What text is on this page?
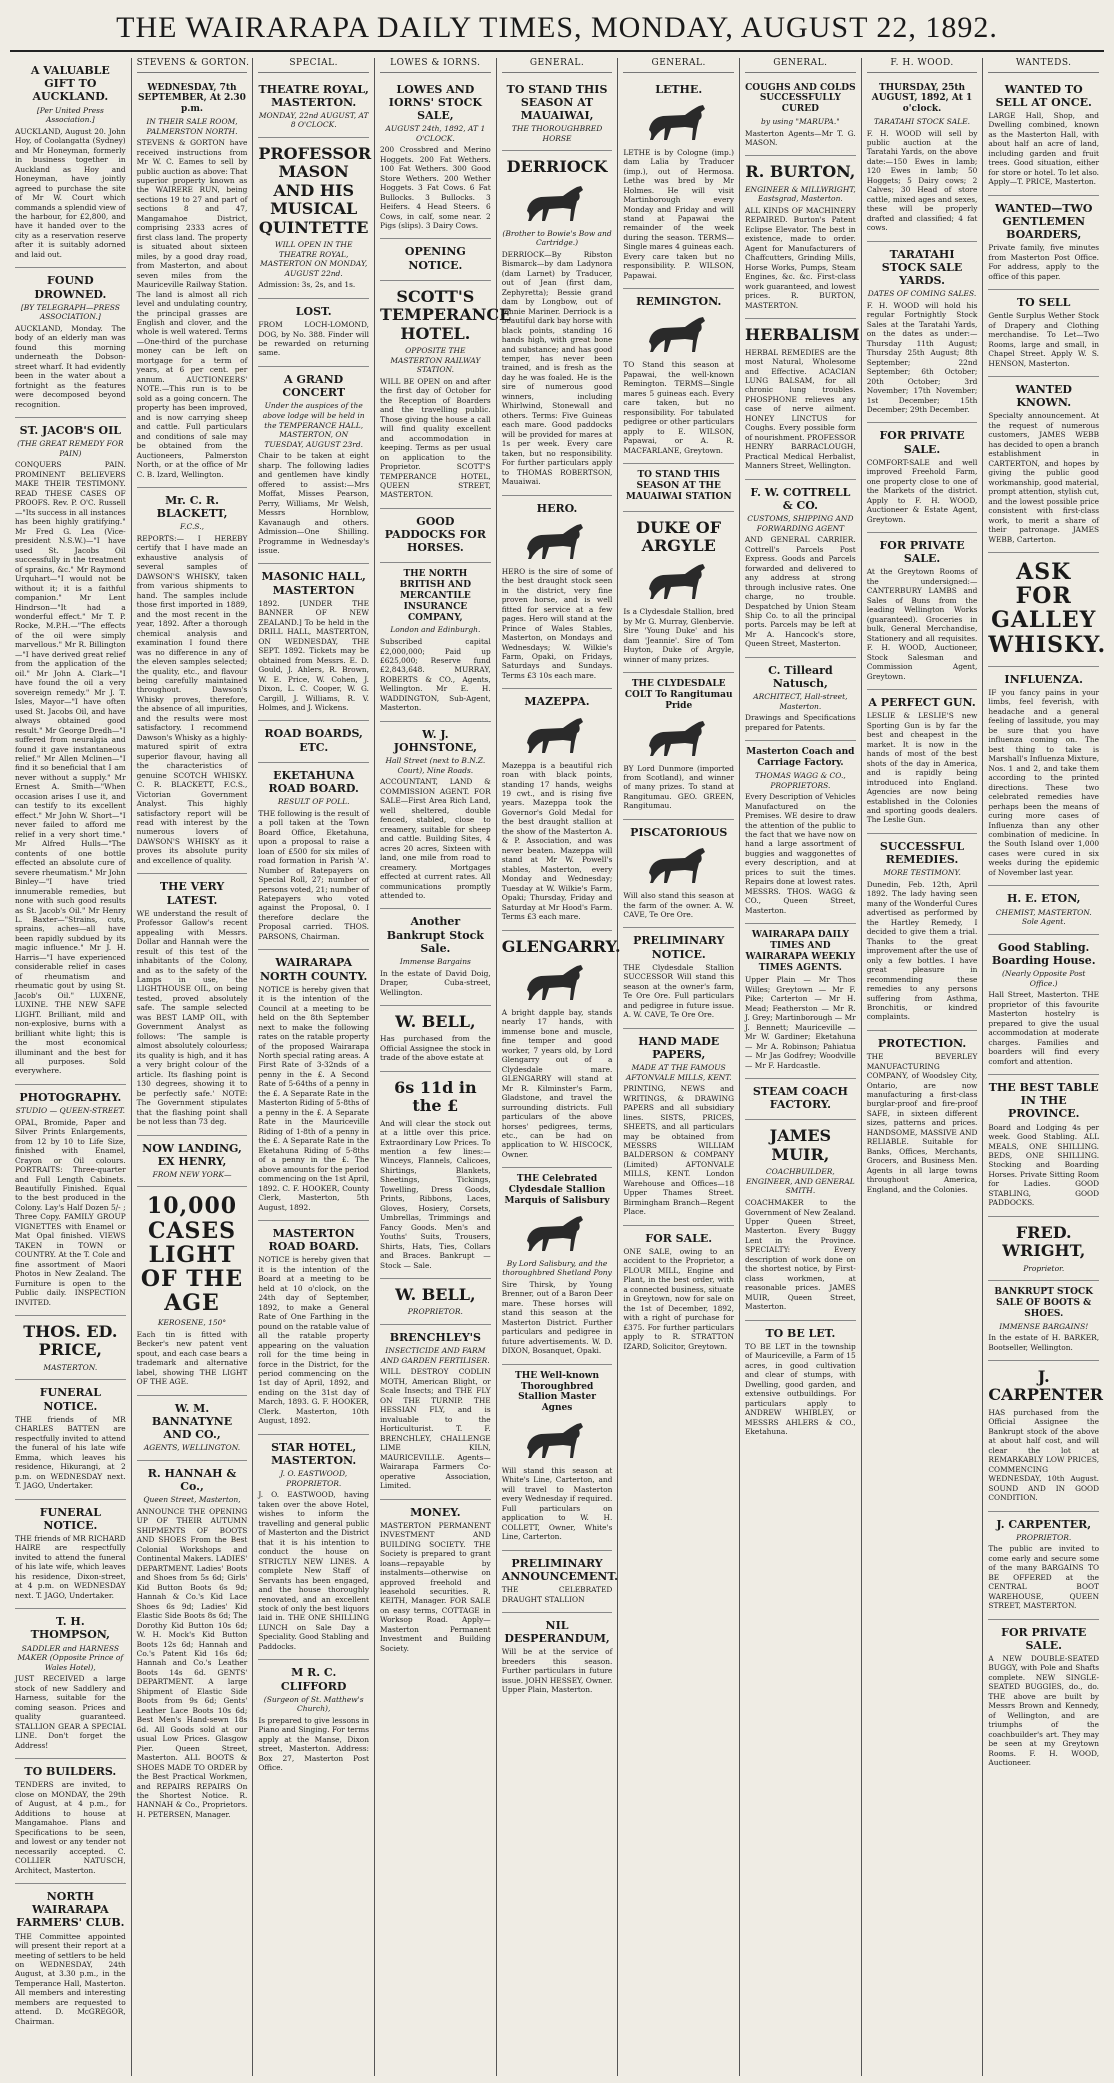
THE WAIRARAPA DAILY TIMES, MONDAY, AUGUST 22, 1892.
A VALUABLE GIFT TO AUCKLAND.
[Per United Press Association.]
AUCKLAND, August 20. John Hoy, of Coolangatta (Sydney) and Mr Honeyman, formerly in business together in Auckland as Hoy and Honeyman, have jointly agreed to purchase the site of Mr W. Court which commands a splendid view of the harbour, for £2,800, and have it handed over to the city as a reservation reserve after it is suitably adorned and laid out.
FOUND DROWNED.
[BY TELEGRAPH—PRESS ASSOCIATION.]
AUCKLAND, Monday. The body of an elderly man was found this morning underneath the Dobson-street wharf. It had evidently been in the water about a fortnight as the features were decomposed beyond recognition.
ST. JACOB'S OIL
(THE GREAT REMEDY FOR PAIN)
CONQUERS PAIN. PROMINENT BELIEVERS MAKE THEIR TESTIMONY. READ THESE CASES OF PROOFS. Rev. P. O'C. Russell—"Its success in all instances has been highly gratifying." Mr Fred G. Lea (Vice-president N.S.W.)—"I have used St. Jacobs Oil successfully in the treatment of sprains, &c." Mr Raymond Urquhart—"I would not be without it; it is a faithful companion." Mr Lent Hindrson—"It had a wonderful effect." Mr T. P. Rocke, M.P.H.—"The effects of the oil were simply marvellous." Mr R. Billington—"I have derived great relief from the application of the oil." Mr John A. Clark—"I have found the oil a very sovereign remedy." Mr J. T. Isles, Mayor—"I have often used St. Jacobs Oil, and have always obtained good result." Mr George Dredh—"I suffered from neuralgia and found it gave instantaneous relief." Mr Allen Mclinen—"I find it so beneficial that I am never without a supply." Mr Ernest A. Smith—"When occasion arises I use it, and can testify to its excellent effect." Mr John W. Short—"I never failed to afford me relief in a very short time." Mr Alfred Hulls—"The contents of one bottle effected an absolute cure of severe rheumatism." Mr John Binley—"I have tried innumerable remedies, but none with such good results as St. Jacob's Oil." Mr Henry L. Baxter—"Strains, cuts, sprains, aches—all have been rapidly subdued by its magic influence." Mr J. H. Harris—"I have experienced considerable relief in cases of rheumatism and rheumatic gout by using St. Jacob's Oil." LUXENE, LUXINE. THE NEW SAFE LIGHT. Brilliant, mild and non-explosive, burns with a brilliant white light; this is the most economical illuminant and the best for all purposes. Sold everywhere.
PHOTOGRAPHY.
STUDIO — QUEEN-STREET.
OPAL, Bromide, Paper and Silver Prints Enlargements, from 12 by 10 to Life Size, finished with Enamel, Crayon or Oil colours. PORTRAITS: Three-quarter and Full Length Cabinets. Beautifully Finished. Equal to the best produced in the Colony. Lay's Half Dozen 5/- ; Three Copy. FAMILY GROUP VIGNETTES with Enamel or Mat Opal finished. VIEWS TAKEN in TOWN or COUNTRY. At the T. Cole and fine assortment of Maori Photos in New Zealand. The Furniture is open to the Public daily. INSPECTION INVITED.
THOS. ED. PRICE,
MASTERTON.
FUNERAL NOTICE.
THE friends of MR CHARLES BATTEN are respectfully invited to attend the funeral of his late wife Emma, which leaves his residence, Hikurangi, at 2 p.m. on WEDNESDAY next. T. JAGO, Undertaker.
FUNERAL NOTICE.
THE friends of MR RICHARD HAIRE are respectfully invited to attend the funeral of his late wife, which leaves his residence, Dixon-street, at 4 p.m. on WEDNESDAY next. T. JAGO, Undertaker.
T. H. THOMPSON,
SADDLER and HARNESS MAKER (Opposite Prince of Wales Hotel),
JUST RECEIVED a large stock of new Saddlery and Harness, suitable for the coming season. Prices and quality guaranteed. STALLION GEAR A SPECIAL LINE. Don't forget the Address!
TO BUILDERS.
TENDERS are invited, to close on MONDAY, the 29th of August, at 4 p.m., for Additions to house at Mangamahoe. Plans and Specifications to be seen, and lowest or any tender not necessarily accepted. C. COLLIER NATUSCH, Architect, Masterton.
NORTH WAIRARAPA FARMERS' CLUB.
THE Committee appointed will present their report at a meeting of settlers to be held on WEDNESDAY, 24th August, at 3.30 p.m., in the Temperance Hall, Masterton. All members and interesting members are requested to attend. D. McGREGOR, Chairman.
STEVENS & GORTON.
WEDNESDAY, 7th SEPTEMBER, At 2.30 p.m.
IN THEIR SALE ROOM, PALMERSTON NORTH.
STEVENS & GORTON have received instructions from Mr W. C. Eames to sell by public auction as above: That superior property known as the WAIRERE RUN, being sections 19 to 27 and part of sections 8 and 47, Mangamahoe District, comprising 2333 acres of first class land. The property is situated about sixteen miles, by a good dray road, from Masterton, and about seven miles from the Mauriceville Railway Station. The land is almost all rich level and undulating country, the principal grasses are English and clover, and the whole is well watered. Terms—One-third of the purchase money can be left on mortgage for a term of years, at 6 per cent. per annum. AUCTIONEERS' NOTE.—This run is to be sold as a going concern. The property has been improved, and is now carrying sheep and cattle. Full particulars and conditions of sale may be obtained from the Auctioneers, Palmerston North, or at the office of Mr C. B. Izard, Wellington.
Mr. C. R. BLACKETT,
F.C.S.,
REPORTS:— I HEREBY certify that I have made an exhaustive analysis of several samples of DAWSON'S WHISKY, taken from various shipments to hand. The samples include those first imported in 1889, and the most recent in the year, 1892. After a thorough chemical analysis and examination I found there was no difference in any of the eleven samples selected; the quality, etc., and flavour being carefully maintained throughout. Dawson's Whisky proves, therefore, the absence of all impurities, and the results were most satisfactory. I recommend Dawson's Whisky as a highly-matured spirit of extra superior flavour, having all the characteristics of genuine SCOTCH WHISKY. C. R. BLACKETT, F.C.S., Victorian Government Analyst. This highly satisfactory report will be read with interest by the numerous lovers of DAWSON'S WHISKY as it proves its absolute purity and excellence of quality.
THE VERY LATEST.
WE understand the result of Professor Gallow's recent appealing with Messrs. Dollar and Hannah were the result of this test of the inhabitants of the Colony, and as to the safety of the Lamps in use, the LIGHTHOUSE OIL, on being tested, proved absolutely safe. The sample selected was BEST LAMP OIL, with Government Analyst as follows: 'The sample is almost absolutely colourless; its quality is high, and it has a very bright colour of the article. Its flashing point is 130 degrees, showing it to be perfectly safe.' NOTE: The Government stipulates that the flashing point shall be not less than 73 deg.
NOW LANDING, EX HENRY,
FROM NEW YORK—
10,000 CASES LIGHT OF THE AGE
KEROSENE, 150°
Each tin is fitted with Becker's new patent vent spout, and each case bears a trademark and alternative label, showing THE LIGHT OF THE AGE.
W. M. BANNATYNE AND CO.,
AGENTS, WELLINGTON.
R. HANNAH & Co.,
Queen Street, Masterton,
ANNOUNCE THE OPENING UP OF THEIR AUTUMN SHIPMENTS OF BOOTS AND SHOES From the Best Colonial Workshops and Continental Makers. LADIES' DEPARTMENT. Ladies' Boots and Shoes from 5s 6d; Girls' Kid Button Boots 6s 9d; Hannah & Co.'s Kid Lace Shoes 6s 9d; Ladies' Kid Elastic Side Boots 8s 6d; The Dorothy Kid Button 10s 6d; W. H. Mock's Kid Button Boots 12s 6d; Hannah and Co.'s Patent Kid 16s 6d; Hannah and Co.'s Leather Boots 14s 6d. GENTS' DEPARTMENT. A large Shipment of Elastic Side Boots from 9s 6d; Gents' Leather Lace Boots 10s 6d; Best Men's Hand-sewn 18s 6d. All Goods sold at our usual Low Prices. Glasgow Pier. Queen Street, Masterton. ALL BOOTS & SHOES MADE TO ORDER by the Best Practical Workmen, and REPAIRS REPAIRS On the Shortest Notice. R. HANNAH & Co., Proprietors. H. PETERSEN, Manager.
SPECIAL.
THEATRE ROYAL, MASTERTON.
MONDAY, 22nd AUGUST, AT 8 O'CLOCK.
PROFESSOR MASON AND HIS MUSICAL QUINTETTE
WILL OPEN IN THE THEATRE ROYAL, MASTERTON ON MONDAY, AUGUST 22nd.
Admission: 3s, 2s, and 1s.
LOST.
FROM LOCH-LOMOND, DOG, by No. 388. Finder will be rewarded on returning same.
A GRAND CONCERT
Under the auspices of the above lodge will be held in the TEMPERANCE HALL, MASTERTON, ON TUESDAY, AUGUST 23rd.
Chair to be taken at eight sharp. The following ladies and gentlemen have kindly offered to assist:—Mrs Moffat, Misses Pearson, Perry, Williams, Mr Welsh, Messrs Hornblow, Kavanaugh and others. Admission—One Shilling. Programme in Wednesday's issue.
MASONIC HALL, MASTERTON
1892. [UNDER THE BANNER OF NEW ZEALAND.] To be held in the DRILL HALL, MASTERTON, ON WEDNESDAY, THE SEPT. 1892. Tickets may be obtained from Messrs. E. D. Gould, J. Ahlers, R. Brown, W. E. Price, W. Cohen, J. Dixon, L. C. Cooper, W. G. Cargill, J. Williams, R. V. Holmes, and J. Wickens.
ROAD BOARDS, ETC.
EKETAHUNA ROAD BOARD.
RESULT OF POLL.
THE following is the result of a poll taken at the Town Board Office, Eketahuna, upon a proposal to raise a loan of £500 for six miles of road formation in Parish 'A'. Number of Ratepayers on Special Roll, 27; number of persons voted, 21; number of Ratepayers who voted against the Proposal, 0. I therefore declare the Proposal carried. THOS. PARSONS, Chairman.
WAIRARAPA NORTH COUNTY.
NOTICE is hereby given that it is the intention of the Council at a meeting to be held on the 8th September next to make the following rates on the ratable property of the proposed Wairarapa North special rating areas. A First Rate of 3-32nds of a penny in the £. A Second Rate of 5-64ths of a penny in the £. A Separate Rate in the Masterton Riding of 5-8ths of a penny in the £. A Separate Rate in the Mauriceville Riding of 1-8th of a penny in the £. A Separate Rate in the Eketahuna Riding of 5-8ths of a penny in the £. The above amounts for the period commencing on the 1st April, 1892. C. F. HOOKER, County Clerk, Masterton, 5th August, 1892.
MASTERTON ROAD BOARD.
NOTICE is hereby given that it is the intention of the Board at a meeting to be held at 10 o'clock, on the 24th day of September, 1892, to make a General Rate of One Farthing in the pound on the ratable value of all the ratable property appearing on the valuation roll for the time being in force in the District, for the period commencing on the 1st day of April, 1892, and ending on the 31st day of March, 1893. G. F. HOOKER, Clerk. Masterton, 10th August, 1892.
STAR HOTEL, MASTERTON.
J. O. EASTWOOD, PROPRIETOR.
J. O. EASTWOOD, having taken over the above Hotel, wishes to inform the travelling and general public of Masterton and the District that it is his intention to conduct the house on STRICTLY NEW LINES. A complete New Staff of Servants has been engaged, and the house thoroughly renovated, and an excellent stock of only the best liquors laid in. THE ONE SHILLING LUNCH on Sale Day a Speciality. Good Stabling and Paddocks.
M R. C. CLIFFORD
(Surgeon of St. Matthew's Church),
Is prepared to give lessons in Piano and Singing. For terms apply at the Manse, Dixon street, Masterton. Address: Box 27, Masterton Post Office.
LOWES & IORNS.
LOWES AND IORNS' STOCK SALE,
AUGUST 24th, 1892, AT 1 O'CLOCK.
200 Crossbred and Merino Hoggets. 200 Fat Wethers. 100 Fat Wethers. 300 Good Store Wethers. 200 Wether Hoggets. 3 Fat Cows. 6 Fat Bullocks. 3 Bullocks. 3 Heifers. 4 Head Steers. 6 Cows, in calf, some near. 2 Pigs (slips). 3 Dairy Cows.
OPENING NOTICE.
SCOTT'S TEMPERANCE HOTEL.
OPPOSITE THE MASTERTON RAILWAY STATION.
WILL BE OPEN on and after the first day of October for the Reception of Boarders and the travelling public. Those giving the house a call will find quality excellent and accommodation in keeping. Terms as per usual on application to the Proprietor. SCOTT'S TEMPERANCE HOTEL, QUEEN STREET, MASTERTON.
GOOD PADDOCKS FOR HORSES.
THE NORTH BRITISH AND MERCANTILE INSURANCE COMPANY,
London and Edinburgh.
Subscribed capital £2,000,000; Paid up £625,000; Reserve fund £2,843,648. MURRAY, ROBERTS & CO., Agents, Wellington. Mr E. H. WADDINGTON, Sub-Agent, Masterton.
W. J. JOHNSTONE,
Hall Street (next to B.N.Z. Court), Nine Roads.
ACCOUNTANT, LAND & COMMISSION AGENT. FOR SALE—First Area Rich Land, well sheltered, double fenced, stabled, close to creamery, suitable for sheep and cattle. Building Sites, 4 acres 20 acres, Sixteen with land, one mile from road to creamery. Mortgages effected at current rates. All communications promptly attended to.
Another Bankrupt Stock Sale.
Immense Bargains
In the estate of David Doig, Draper, Cuba-street, Wellington.
W. BELL,
Has purchased from the Official Assignee the stock in trade of the above estate at
6s 11d in the £
And will clear the stock out at a little over this price. Extraordinary Low Prices. To mention a few lines:—Winceys, Flannels, Calicoes, Shirtings, Blankets, Sheetings, Tickings, Towelling, Dress Goods, Prints, Ribbons, Laces, Gloves, Hosiery, Corsets, Umbrellas, Trimmings and Fancy Goods. Men's and Youths' Suits, Trousers, Shirts, Hats, Ties, Collars and Braces. Bankrupt — Stock — Sale.
W. BELL,
PROPRIETOR.
BRENCHLEY'S
INSECTICIDE AND FARM AND GARDEN FERTILISER.
WILL DESTROY CODLIN MOTH, American Blight, or Scale Insects; and THE FLY ON THE TURNIP. THE HESSIAN FLY, and is invaluable to the Horticulturist. T. F. BRENCHLEY, CHALLENGE LIME KILN, MAURICEVILLE. Agents—Wairarapa Farmers Co-operative Association, Limited.
MONEY.
MASTERTON PERMANENT INVESTMENT AND BUILDING SOCIETY. THE Society is prepared to grant loans—repayable by instalments—otherwise on approved freehold and leasehold securities. R. KEITH, Manager. FOR SALE on easy terms, COTTAGE in Worksop Road. Apply—Masterton Permanent Investment and Building Society.
GENERAL.
TO STAND THIS SEASON AT MAUAIWAI,
THE THOROUGHBRED HORSE
DERRIOCK
(Brother to Bowie's Bow and Cartridge.)
DERRIOCK—By Ribston Bismarck—by dam Ladynora (dam Larnet) by Traducer, out of Jean (first dam, Zephyretta); Bessie grand dam by Longbow, out of Jennie Mariner. Derriock is a beautiful dark bay horse with black points, standing 16 hands high, with great bone and substance; and has good temper, has never been trained, and is fresh as the day he was foaled. He is the sire of numerous good winners, including Whirlwind, Stonewall and others. Terms: Five Guineas each mare. Good paddocks will be provided for mares at 1s per week. Every care taken, but no responsibility. For further particulars apply to THOMAS ROBERTSON, Mauaiwai.
HERO.
HERO is the sire of some of the best draught stock seen in the district, very fine proven horse, and is well fitted for service at a few pages. Hero will stand at the Prince of Wales Stables, Masterton, on Mondays and Wednesdays; W. Wilkie's Farm, Opaki, on Fridays, Saturdays and Sundays. Terms £3 10s each mare.
MAZEPPA.
Mazeppa is a beautiful rich roan with black points, standing 17 hands, weighs 19 cwt., and is rising five years. Mazeppa took the Governor's Gold Medal for the best draught stallion at the show of the Masterton A. & P. Association, and was never beaten. Mazeppa will stand at Mr W. Powell's stables, Masterton, every Monday and Wednesday; Tuesday at W. Wilkie's Farm, Opaki; Thursday, Friday and Saturday at Mr Hood's Farm. Terms £3 each mare.
GLENGARRY.
A bright dapple bay, stands nearly 17 hands, with immense bone and muscle, fine temper and good worker, 7 years old, by Lord Glengarry out of a Clydesdale mare. GLENGARRY will stand at Mr R. Kilminster's Farm, Gladstone, and travel the surrounding districts. Full particulars of the above horses' pedigrees, terms, etc., can be had on application to W. HISCOCK, Owner.
THE Celebrated Clydesdale Stallion Marquis of Salisbury
By Lord Salisbury, and the thoroughbred Shetland Pony
Sire Thirsk, by Young Brenner, out of a Baron Deer mare. These horses will stand this season at the Masterton District. Further particulars and pedigree in future advertisements. W. D. DIXON, Bosanquet, Opaki.
THE Well-known Thoroughbred Stallion Master Agnes
Will stand this season at White's Line, Carterton, and will travel to Masterton every Wednesday if required. Full particulars on application to W. H. COLLETT, Owner, White's Line, Carterton.
PRELIMINARY ANNOUNCEMENT.
THE CELEBRATED DRAUGHT STALLION
NIL DESPERANDUM,
Will be at the service of breeders this season. Further particulars in future issue. JOHN HESSEY, Owner. Upper Plain, Masterton.
GENERAL.
LETHE.
LETHE is by Cologne (imp.) dam Lalia by Traducer (imp.), out of Hermosa. Lethe was bred by Mr Holmes. He will visit Martinborough every Monday and Friday and will stand at Papawai the remainder of the week during the season. TERMS—Single mares 4 guineas each. Every care taken but no responsibility. P. WILSON, Papawai.
REMINGTON.
TO Stand this season at Papawai, the well-known Remington. TERMS—Single mares 5 guineas each. Every care taken, but no responsibility. For tabulated pedigree or other particulars apply to E. WILSON, Papawai, or A. R. MACFARLANE, Greytown.
TO STAND THIS SEASON AT THE MAUAIWAI STATION
DUKE OF ARGYLE
Is a Clydesdale Stallion, bred by Mr G. Murray, Glenbervie. Sire 'Young Duke' and his dam 'Jeannie'. Sire of Tom Huyton, Duke of Argyle, winner of many prizes.
THE CLYDESDALE COLT To Rangitumau Pride
BY Lord Dunmore (imported from Scotland), and winner of many prizes. To stand at Rangitumau. GEO. GREEN, Rangitumau.
PISCATORIOUS
Will also stand this season at the farm of the owner. A. W. CAVE, Te Ore Ore.
PRELIMINARY NOTICE.
THE Clydesdale Stallion SUCCESSOR Will stand this season at the owner's farm, Te Ore Ore. Full particulars and pedigree in future issue. A. W. CAVE, Te Ore Ore.
HAND MADE PAPERS,
MADE AT THE FAMOUS AFTONVALE MILLS, KENT.
PRINTING, NEWS and WRITINGS, & DRAWING PAPERS and all subsidiary lines. SISTS, PRICES, SHEETS, and all particulars may be obtained from MESSRS WILLIAM BALDERSON & COMPANY (Limited) AFTONVALE MILLS, KENT. London Warehouse and Offices—18 Upper Thames Street. Birmingham Branch—Regent Place.
FOR SALE.
ONE SALE, owing to an accident to the Proprietor, a FLOUR MILL, Engine and Plant, in the best order, with a connected business, situate in Greytown, now for sale on the 1st of December, 1892, with a right of purchase for £375. For further particulars apply to R. STRATTON IZARD, Solicitor, Greytown.
GENERAL.
COUGHS AND COLDS SUCCESSFULLY CURED
by using "MARUPA."
Masterton Agents—Mr T. G. MASON.
R. BURTON,
ENGINEER & MILLWRIGHT, Eastsgrad, Masterton.
ALL KINDS OF MACHINERY REPAIRED. Burton's Patent Eclipse Elevator. The best in existence, made to order. Agent for Manufacturers of Chaffcutters, Grinding Mills, Horse Works, Pumps, Steam Engines, &c. &c. First-class work guaranteed, and lowest prices. R. BURTON, MASTERTON.
HERBALISM
HERBAL REMEDIES are the most Natural, Wholesome and Effective. ACACIAN LUNG BALSAM, for all chronic lung troubles. PHOSPHONE relieves any case of nerve ailment. HONEY LINCTUS for Coughs. Every possible form of nourishment. PROFESSOR HENRY BARRACLOUGH, Practical Medical Herbalist, Manners Street, Wellington.
F. W. COTTRELL & CO.
CUSTOMS, SHIPPING AND FORWARDING AGENT
AND GENERAL CARRIER. Cottrell's Parcels Post Express. Goods and Parcels forwarded and delivered to any address at strong through inclusive rates. One charge, no trouble. Despatched by Union Steam Ship Co. to all the principal ports. Parcels may be left at Mr A. Hancock's store, Queen Street, Masterton.
C. Tilleard Natusch,
ARCHITECT, Hall-street, Masterton.
Drawings and Specifications prepared for Patents.
Masterton Coach and Carriage Factory.
THOMAS WAGG & CO., PROPRIETORS.
Every Description of Vehicles Manufactured on the Premises. WE desire to draw the attention of the public to the fact that we have now on hand a large assortment of buggies and waggonettes of every description, and at prices to suit the times. Repairs done at lowest rates. MESSRS. THOS. WAGG & CO., Queen Street, Masterton.
WAIRARAPA DAILY TIMES AND WAIRARAPA WEEKLY TIMES AGENTS.
Upper Plain — Mr Thos Willes; Greytown — Mr F. Pike; Carterton — Mr H. Mead; Featherston — Mr R. J. Grey; Martinborough — Mr J. Bennett; Mauriceville — Mr W. Gardiner; Eketahuna — Mr A. Robinson; Pahiatua — Mr Jas Godfrey; Woodville — Mr F. Hardcastle.
STEAM COACH FACTORY.
JAMES MUIR,
COACHBUILDER, ENGINEER, AND GENERAL SMITH.
COACHMAKER to the Government of New Zealand. Upper Queen Street, Masterton. Every Buggy Lent in the Province. SPECIALTY: Every description of work done on the shortest notice, by First-class workmen, at reasonable prices. JAMES MUIR, Queen Street, Masterton.
TO BE LET.
TO BE LET in the township of Mauriceville, a Farm of 15 acres, in good cultivation and clear of stumps, with Dwelling, good garden, and extensive outbuildings. For particulars apply to ANDREW WHIBLEY, or MESSRS AHLERS & CO., Eketahuna.
F. H. WOOD.
THURSDAY, 25th AUGUST, 1892, At 1 o'clock.
TARATAHI STOCK SALE.
F. H. WOOD will sell by public auction at the Taratahi Yards, on the above date:—150 Ewes in lamb; 120 Ewes in lamb; 50 Hoggets; 5 Dairy cows; 2 Calves; 30 Head of store cattle, mixed ages and sexes, these will be properly drafted and classified; 4 fat cows.
TARATAHI STOCK SALE YARDS.
DATES OF COMING SALES.
F. H. WOOD will hold his regular Fortnightly Stock Sales at the Taratahi Yards, on the dates as under:—Thursday 11th August; Thursday 25th August; 8th September; 22nd September; 6th October; 20th October; 3rd November; 17th November; 1st December; 15th December; 29th December.
FOR PRIVATE SALE.
COMFORT-SALE and well improved Freehold Farm, one property close to one of the Markets of the district. Apply to F. H. WOOD, Auctioneer & Estate Agent, Greytown.
FOR PRIVATE SALE.
At the Greytown Rooms of the undersigned:— CANTERBURY LAMBS and Sales of Buns from the leading Wellington Works (guaranteed). Groceries in bulk, General Merchandise, Stationery and all requisites. F. H. WOOD, Auctioneer, Stock Salesman and Commission Agent, Greytown.
A PERFECT GUN.
LESLIE & LESLIE'S new Sporting Gun is by far the best and cheapest in the market. It is now in the hands of most of the best shots of the day in America, and is rapidly being introduced into England. Agencies are now being established in the Colonies and sporting goods dealers. The Leslie Gun.
SUCCESSFUL REMEDIES.
MORE TESTIMONY.
Dunedin, Feb. 12th, April 1892. The lady having seen many of the Wonderful Cures advertised as performed by the Hartley Remedy, I decided to give them a trial. Thanks to the great improvement after the use of only a few bottles. I have great pleasure in recommending these remedies to any persons suffering from Asthma, Bronchitis, or kindred complaints.
PROTECTION.
THE BEVERLEY MANUFACTURING COMPANY, of Woodsley City, Ontario, are now manufacturing a first-class burglar-proof and fire-proof SAFE, in sixteen different sizes, patterns and prices. HANDSOME, MASSIVE AND RELIABLE. Suitable for Banks, Offices, Merchants, Grocers, and Business Men. Agents in all large towns throughout America, England, and the Colonies.
WANTEDS.
WANTED TO SELL AT ONCE.
LARGE Hall, Shop, and Dwelling combined, known as the Masterton Hall, with about half an acre of land, including garden and fruit trees. Good situation, either for store or hotel. To let also. Apply—T. PRICE, Masterton.
WANTED—TWO GENTLEMEN BOARDERS,
Private family, five minutes from Masterton Post Office. For address, apply to the office of this paper.
TO SELL
Gentle Surplus Wether Stock of Drapery and Clothing merchandise. To Let—Two Rooms, large and small, in Chapel Street. Apply W. S. HENSON, Masterton.
WANTED KNOWN.
Specialty announcement. At the request of numerous customers, JAMES WEBB has decided to open a branch establishment in CARTERTON, and hopes by giving the public good workmanship, good material, prompt attention, stylish cut, and the lowest possible price consistent with first-class work, to merit a share of their patronage. JAMES WEBB, Carterton.
ASK FOR GALLEY WHISKY.
INFLUENZA.
IF you fancy pains in your limbs, feel feverish, with headache and a general feeling of lassitude, you may be sure that you have influenza coming on. The best thing to take is Marshall's Influenza Mixture, Nos. 1 and 2, and take them according to the printed directions. These two celebrated remedies have perhaps been the means of curing more cases of Influenza than any other combination of medicine. In the South Island over 1,000 cases were cured in six weeks during the epidemic of November last year.
H. E. ETON,
CHEMIST, MASTERTON. Sole Agent.
Good Stabling. Boarding House.
(Nearly Opposite Post Office.)
Hall Street, Masterton. THE proprietor of this favourite Masterton hostelry is prepared to give the usual accommodation at moderate charges. Families and boarders will find every comfort and attention.
THE BEST TABLE IN THE PROVINCE.
Board and Lodging 4s per week. Good Stabling. ALL MEALS, ONE SHILLING. BEDS, ONE SHILLING. Stocking and Boarding Horses. Private Sitting Room for Ladies. GOOD STABLING, GOOD PADDOCKS.
FRED. WRIGHT,
Proprietor.
BANKRUPT STOCK SALE OF BOOTS & SHOES.
IMMENSE BARGAINS!
In the estate of H. BARKER, Bootseller, Wellington.
J. CARPENTER
HAS purchased from the Official Assignee the Bankrupt stock of the above at about half cost, and will clear the lot at REMARKABLY LOW PRICES, COMMENCING WEDNESDAY, 10th August. SOUND AND IN GOOD CONDITION.
J. CARPENTER,
PROPRIETOR.
The public are invited to come early and secure some of the many BARGAINS TO BE OFFERED at the CENTRAL BOOT WAREHOUSE, QUEEN STREET, MASTERTON.
FOR PRIVATE SALE.
A NEW DOUBLE-SEATED BUGGY, with Pole and Shafts complete. NEW SINGLE-SEATED BUGGIES, do., do. THE above are built by Messrs Brown and Kennedy, of Wellington, and are triumphs of the coachbuilder's art. They may be seen at my Greytown Rooms. F. H. WOOD, Auctioneer.
